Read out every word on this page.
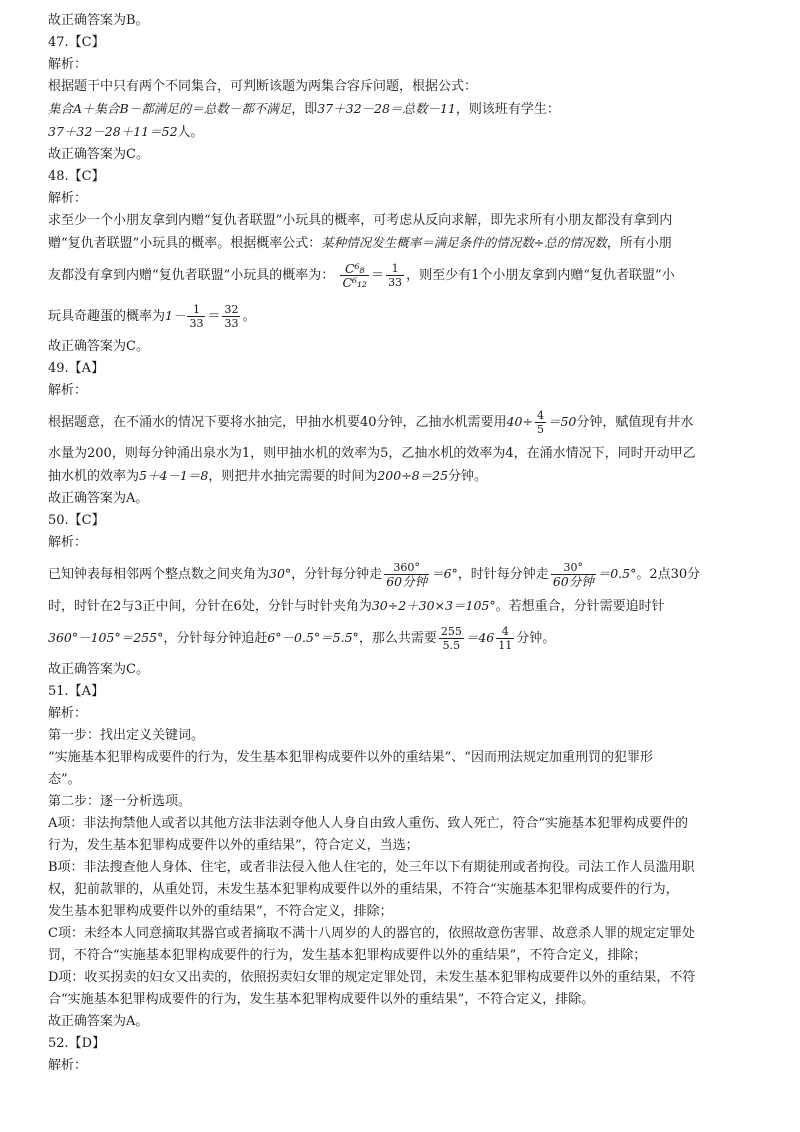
故正确答案为B。
47.【C】
解析：
根据题干中只有两个不同集合，可判断该题为两集合容斥问题，根据公式：
集合A＋集合B－都满足的＝总数－都不满足，即37＋32－28＝总数－11，则该班有学生：
37＋32－28＋11＝52人。
故正确答案为C。
48.【C】
解析：
求至少一个小朋友拿到内赠“复仇者联盟”小玩具的概率，可考虑从反向求解，即先求所有小朋友都没有拿到内
赠“复仇者联盟”小玩具的概率。根据概率公式：某种情况发生概率＝满足条件的情况数÷总的情况数，所有小朋
友都没有拿到内赠“复仇者联盟”小玩具的概率为： $\frac{\text{C⁶₈}}{\text{C⁶₁₂}} = \frac{1}{33}$ ，则至少有1个小朋友拿到内赠“复仇者联盟”小
玩具奇趣蛋的概率为$1- \frac{1}{33} = \frac{32}{33}$ 。
故正确答案为C。
49.【A】
解析：
根据题意，在不涌水的情况下要将水抽完，甲抽水机要40分钟，乙抽水机需要用$40\div \frac{4}{5} =50$分钟，赋值现有井水
水量为200，则每分钟涌出泉水为1，则甲抽水机的效率为5，乙抽水机的效率为4，在涌水情况下，同时开动甲乙
抽水机的效率为5＋4－1＝8，则把井水抽完需要的时间为200÷8＝25分钟。
故正确答案为A。
50.【C】
解析：
已知钟表每相邻两个整点数之间夹角为30°，分针每分钟走 $\frac{360^\circ}{\text{60分钟}} =6^\circ$，时针每分钟走 $\frac{30^\circ}{\text{60分钟}} =0.5^\circ$。2点30分
时，时针在2与3正中间，分针在6处，分针与时针夹角为30÷2＋30×3＝105°。若想重合，分针需要追时针
360°－105°＝255°，分针每分钟追赶6°－0.5°＝5.5°，那么共需要 $\frac{255}{5.5} =46 \frac{4}{11}$ 分钟。
故正确答案为C。
51.【A】
解析：
第一步：找出定义关键词。
“实施基本犯罪构成要件的行为，发生基本犯罪构成要件以外的重结果”、“因而刑法规定加重刑罚的犯罪形
态”。
第二步：逐一分析选项。
A项：非法拘禁他人或者以其他方法非法剥夺他人人身自由致人重伤、致人死亡，符合“实施基本犯罪构成要件的
行为，发生基本犯罪构成要件以外的重结果”，符合定义，当选；
B项：非法搜查他人身体、住宅，或者非法侵入他人住宅的，处三年以下有期徒刑或者拘役。司法工作人员滥用职
权，犯前款罪的，从重处罚，未发生基本犯罪构成要件以外的重结果，不符合“实施基本犯罪构成要件的行为，
发生基本犯罪构成要件以外的重结果”，不符合定义，排除；
C项：未经本人同意摘取其器官或者摘取不满十八周岁的人的器官的，依照故意伤害罪、故意杀人罪的规定定罪处
罚，不符合“实施基本犯罪构成要件的行为，发生基本犯罪构成要件以外的重结果”，不符合定义，排除；
D项：收买拐卖的妇女又出卖的，依照拐卖妇女罪的规定定罪处罚，未发生基本犯罪构成要件以外的重结果，不符
合“实施基本犯罪构成要件的行为，发生基本犯罪构成要件以外的重结果”，不符合定义，排除。
故正确答案为A。
52.【D】
解析：
